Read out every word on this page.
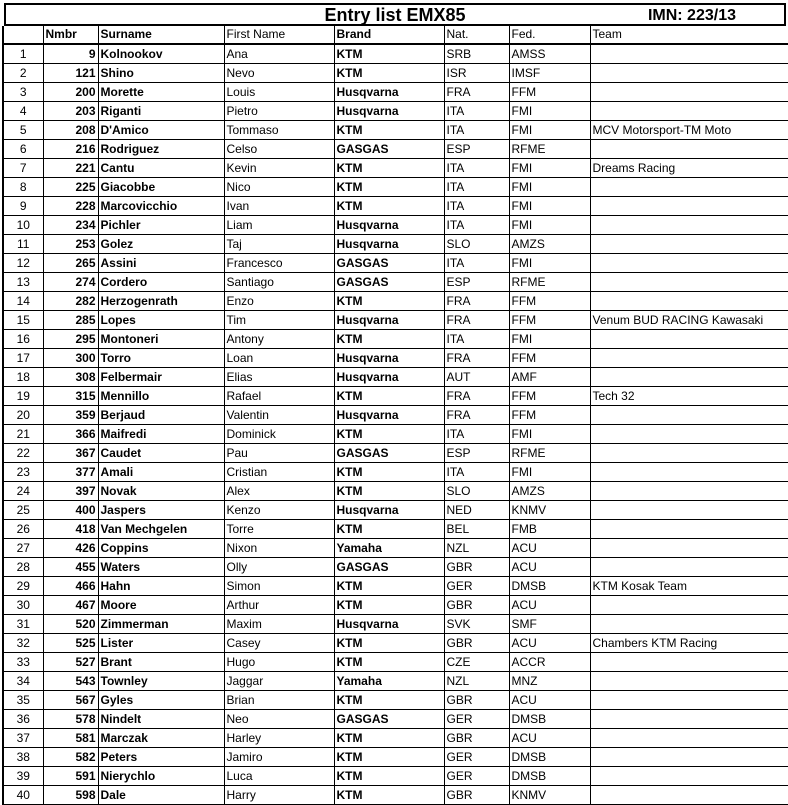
Entry list EMX85	IMN: 223/13
	Nmbr	Surname	First Name	Brand	Nat.	Fed.	Team
1	9	Kolnookov	Ana	KTM	SRB	AMSS	
2	121	Shino	Nevo	KTM	ISR	IMSF	
3	200	Morette	Louis	Husqvarna	FRA	FFM	
4	203	Riganti	Pietro	Husqvarna	ITA	FMI	
5	208	D'Amico	Tommaso	KTM	ITA	FMI	MCV Motorsport-TM Moto
6	216	Rodriguez	Celso	GASGAS	ESP	RFME	
7	221	Cantu	Kevin	KTM	ITA	FMI	Dreams Racing
8	225	Giacobbe	Nico	KTM	ITA	FMI	
9	228	Marcovicchio	Ivan	KTM	ITA	FMI	
10	234	Pichler	Liam	Husqvarna	ITA	FMI	
11	253	Golez	Taj	Husqvarna	SLO	AMZS	
12	265	Assini	Francesco	GASGAS	ITA	FMI	
13	274	Cordero	Santiago	GASGAS	ESP	RFME	
14	282	Herzogenrath	Enzo	KTM	FRA	FFM	
15	285	Lopes	Tim	Husqvarna	FRA	FFM	Venum BUD RACING Kawasaki
16	295	Montoneri	Antony	KTM	ITA	FMI	
17	300	Torro	Loan	Husqvarna	FRA	FFM	
18	308	Felbermair	Elias	Husqvarna	AUT	AMF	
19	315	Mennillo	Rafael	KTM	FRA	FFM	Tech 32
20	359	Berjaud	Valentin	Husqvarna	FRA	FFM	
21	366	Maifredi	Dominick	KTM	ITA	FMI	
22	367	Caudet	Pau	GASGAS	ESP	RFME	
23	377	Amali	Cristian	KTM	ITA	FMI	
24	397	Novak	Alex	KTM	SLO	AMZS	
25	400	Jaspers	Kenzo	Husqvarna	NED	KNMV	
26	418	Van Mechgelen	Torre	KTM	BEL	FMB	
27	426	Coppins	Nixon	Yamaha	NZL	ACU	
28	455	Waters	Olly	GASGAS	GBR	ACU	
29	466	Hahn	Simon	KTM	GER	DMSB	KTM Kosak Team
30	467	Moore	Arthur	KTM	GBR	ACU	
31	520	Zimmerman	Maxim	Husqvarna	SVK	SMF	
32	525	Lister	Casey	KTM	GBR	ACU	Chambers KTM Racing
33	527	Brant	Hugo	KTM	CZE	ACCR	
34	543	Townley	Jaggar	Yamaha	NZL	MNZ	
35	567	Gyles	Brian	KTM	GBR	ACU	
36	578	Nindelt	Neo	GASGAS	GER	DMSB	
37	581	Marczak	Harley	KTM	GBR	ACU	
38	582	Peters	Jamiro	KTM	GER	DMSB	
39	591	Nierychlo	Luca	KTM	GER	DMSB	
40	598	Dale	Harry	KTM	GBR	KNMV	
